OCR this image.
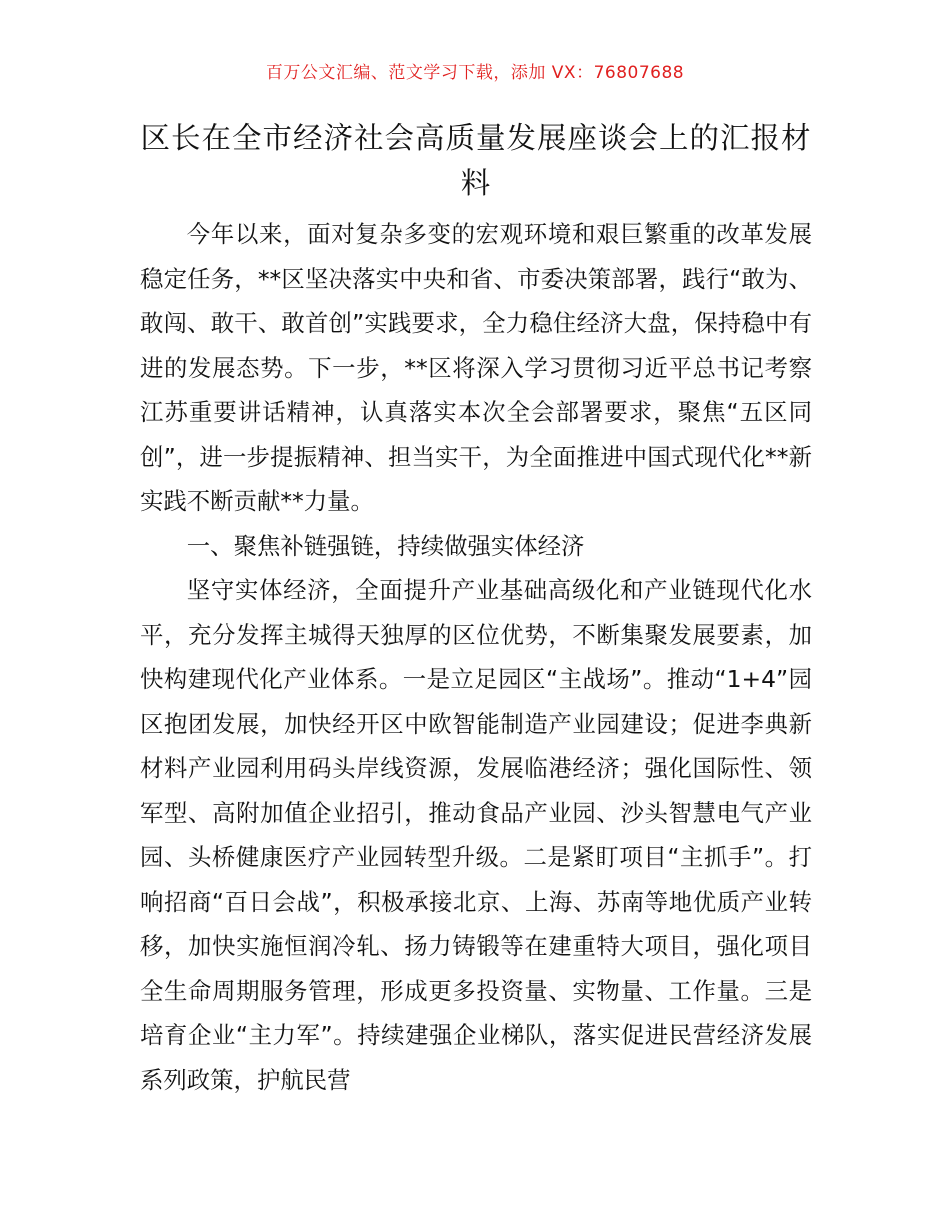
百万公文汇编、范文学习下载，添加 VX：76807688
区长在全市经济社会高质量发展座谈会上的汇报材料

今年以来，面对复杂多变的宏观环境和艰巨繁重的改革发展稳定任务，**区坚决落实中央和省、市委决策部署，践行“敢为、敢闯、敢干、敢首创”实践要求，全力稳住经济大盘，保持稳中有进的发展态势。下一步，**区将深入学习贯彻习近平总书记考察江苏重要讲话精神，认真落实本次全会部署要求，聚焦“五区同创”，进一步提振精神、担当实干，为全面推进中国式现代化**新实践不断贡献**力量。

一、聚焦补链强链，持续做强实体经济

坚守实体经济，全面提升产业基础高级化和产业链现代化水平，充分发挥主城得天独厚的区位优势，不断集聚发展要素，加快构建现代化产业体系。一是立足园区“主战场”。推动“1+4”园区抱团发展，加快经开区中欧智能制造产业园建设；促进李典新材料产业园利用码头岸线资源，发展临港经济；强化国际性、领军型、高附加值企业招引，推动食品产业园、沙头智慧电气产业园、头桥健康医疗产业园转型升级。二是紧盯项目“主抓手”。打响招商“百日会战”，积极承接北京、上海、苏南等地优质产业转移，加快实施恒润冷轧、扬力铸锻等在建重特大项目，强化项目全生命周期服务管理，形成更多投资量、实物量、工作量。三是培育企业“主力军”。持续建强企业梯队，落实促进民营经济发展系列政策，护航民营
